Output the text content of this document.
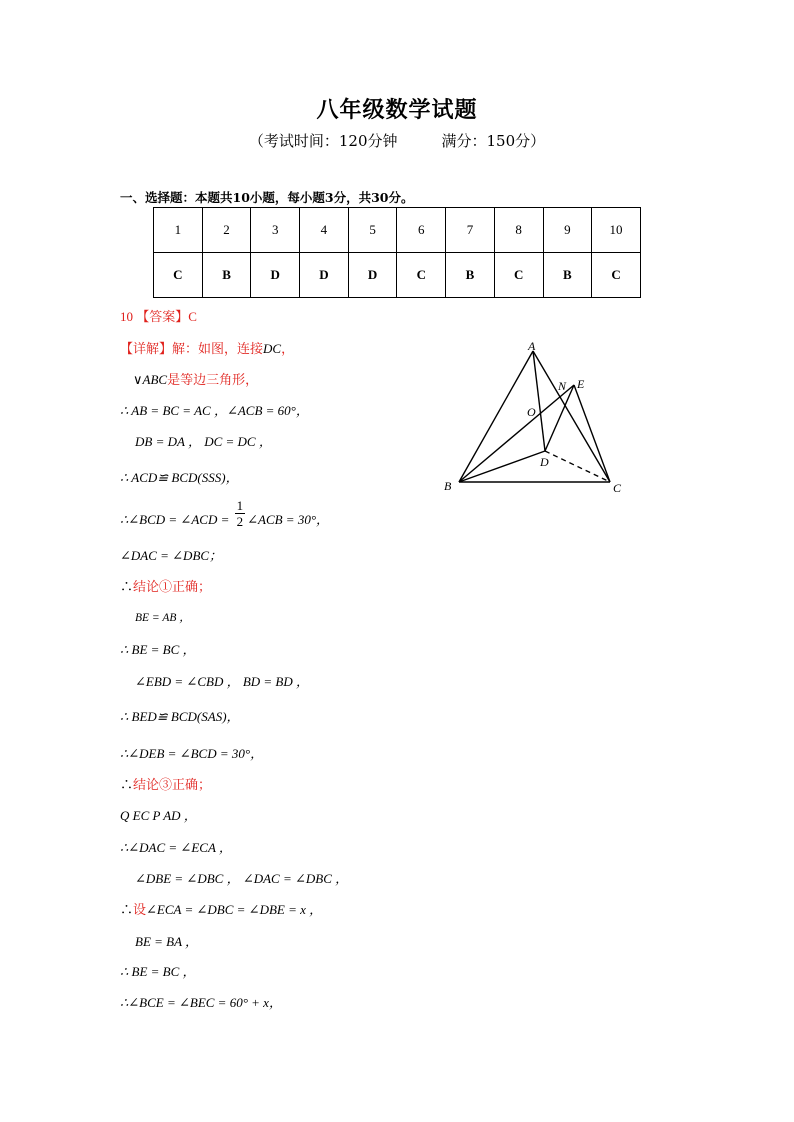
八年级数学试题
（考试时间：120分钟	满分：150分）
一、选择题：本题共10小题，每小题3分，共30分。
1	2	3	4	5	6	7	8	9	10
C	B	D	D	D	C	B	C	B	C
10 【答案】C
【详解】解：如图，连接DC，
∨ABC是等边三角形，
∴ AB = BC = AC ，∠ACB = 60°，
DB = DA ， DC = DC ，
∴ ACD≌ BCD(SSS)，
∴∠BCD = ∠ACD = $\frac{1}{2}$ ∠ACB = 30°，
∠DAC = ∠DBC；
∴结论①正确；
BE = AB ，
∴ BE = BC ，
∠EBD = ∠CBD ， BD = BD ，
∴ BED≌ BCD(SAS)，
∴∠DEB = ∠BCD = 30°，
∴结论③正确；
Q EC P AD ，
∴∠DAC = ∠ECA ，
∠DBE = ∠DBC ， ∠DAC = ∠DBC ，
∴设∠ECA = ∠DBC = ∠DBE = x ，
BE = BA ，
∴ BE = BC ，
∴∠BCE = ∠BEC = 60° + x，
A
N E
O
D
B	C
